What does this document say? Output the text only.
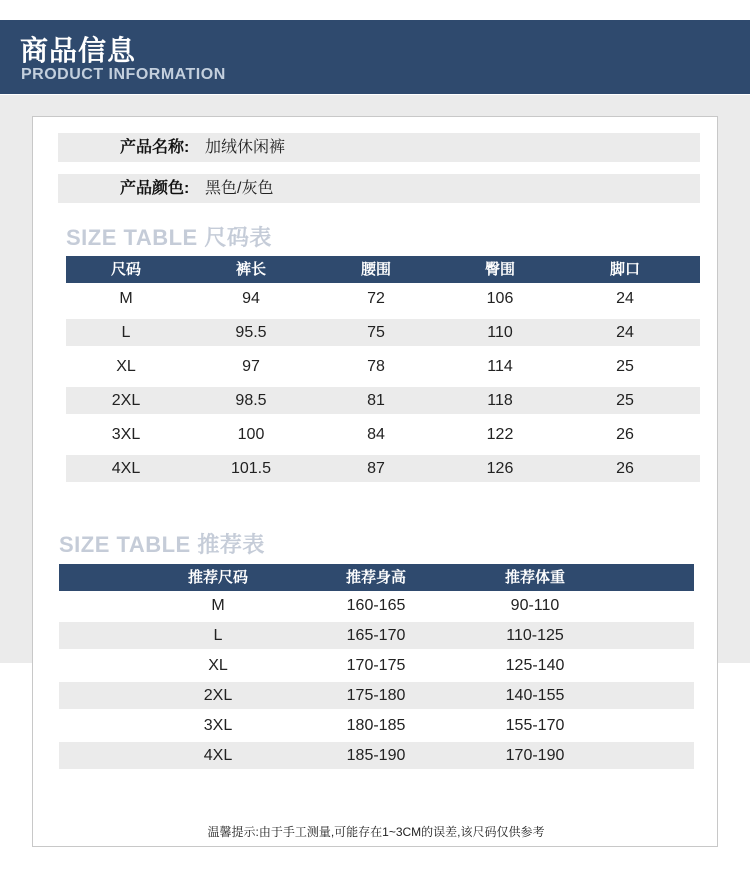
商品信息
PRODUCT INFORMATION
产品名称: 加绒休闲裤
产品颜色: 黑色/灰色
SIZE TABLE 尺码表
尺码	裤长	腰围	臀围	脚口
M	94	72	106	24
L	95.5	75	110	24
XL	97	78	114	25
2XL	98.5	81	118	25
3XL	100	84	122	26
4XL	101.5	87	126	26
SIZE TABLE 推荐表
推荐尺码	推荐身高	推荐体重
M	160-165	90-110
L	165-170	110-125
XL	170-175	125-140
2XL	175-180	140-155
3XL	180-185	155-170
4XL	185-190	170-190
温馨提示:由于手工测量,可能存在1~3CM的误差,该尺码仅供参考
